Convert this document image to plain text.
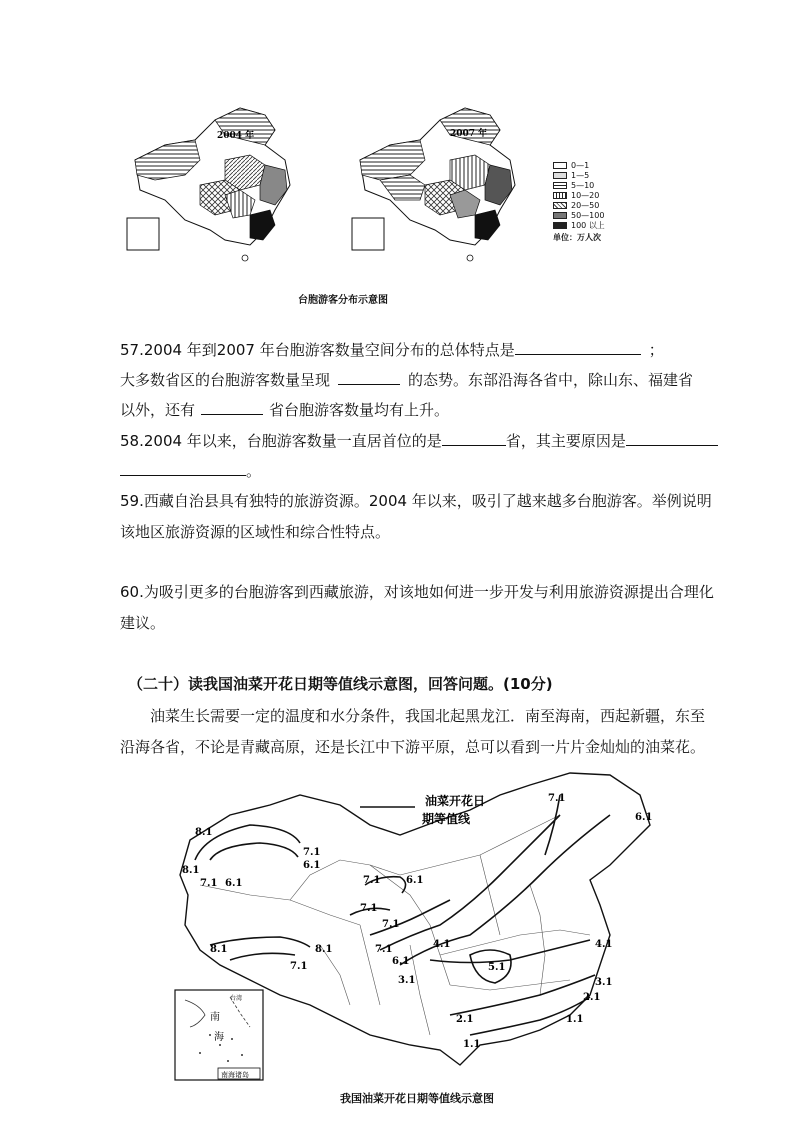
2004 年	2007 年
0—1
1—5
5—10
10—20
20—50
50—100
100 以上
单位：万人次
台胞游客分布示意图
57.2004 年到2007 年台胞游客数量空间分布的总体特点是	；
大多数省区的台胞游客数量呈现	的态势。东部沿海各省中，除山东、福建省
以外，还有	省台胞游客数量均有上升。
58.2004 年以来，台胞游客数量一直居首位的是	省，其主要原因是
。
59.西藏自治县具有独特的旅游资源。2004 年以来，吸引了越来越多台胞游客。举例说明
该地区旅游资源的区域性和综合性特点。
60.为吸引更多的台胞游客到西藏旅游，对该地如何进一步开发与利用旅游资源提出合理化
建议。
（二十）读我国油菜开花日期等值线示意图，回答问题。(10分)
油菜生长需要一定的温度和水分条件，我国北起黑龙江．南至海南，西起新疆，东至
沿海各省，不论是青藏高原，还是长江中下游平原，总可以看到一片片金灿灿的油菜花。
油菜开花日
期等值线
7.1
6.1
8.1
7.1
6.1
8.1
7.1 6.1	7.1	6.1
7.1
7.1
7.1
8.1	8.1
7.1
4.1
5.1
6.1
3.1
4.1
3.1
2.1
2.1	1.1
1.1
南
海
台湾
南海诸岛
我国油菜开花日期等值线示意图
